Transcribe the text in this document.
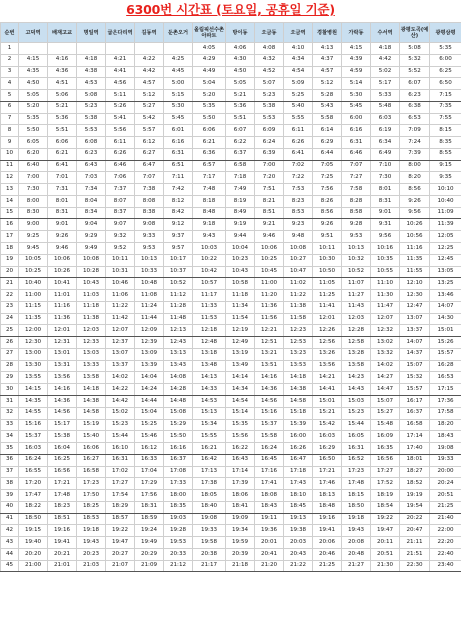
6300번 시간표 (토요일, 공휴일 기준)
순번	고덕역	배재고교	명일역	굽은다리역	길동역	둔촌오거	올림픽선수촌아파트	방이동	오금동	오금역	경찰병원	가락동	수서역	광평도곡(예산)	광평삼평
1							4:05	4:06	4:08	4:10	4:13	4:15	4:18	5:08	5:35
2	4:15	4:16	4:18	4:21	4:22	4:25	4:29	4:30	4:32	4:34	4:37	4:39	4:42	5:32	6:00
3	4:35	4:36	4:38	4:41	4:42	4:45	4:49	4:50	4:52	4:54	4:57	4:59	5:02	5:52	6:25
4	4:50	4:51	4:53	4:56	4:57	5:00	5:04	5:05	5:07	5:09	5:12	5:14	5:17	6:07	6:50
5	5:05	5:06	5:08	5:11	5:12	5:15	5:20	5:21	5:23	5:25	5:28	5:30	5:33	6:23	7:15
6	5:20	5:21	5:23	5:26	5:27	5:30	5:35	5:36	5:38	5:40	5:43	5:45	5:48	6:38	7:35
7	5:35	5:36	5:38	5:41	5:42	5:45	5:50	5:51	5:53	5:55	5:58	6:00	6:03	6:53	7:55
8	5:50	5:51	5:53	5:56	5:57	6:01	6:06	6:07	6:09	6:11	6:14	6:16	6:19	7:09	8:15
9	6:05	6:06	6:08	6:11	6:12	6:16	6:21	6:22	6:24	6:26	6:29	6:31	6:34	7:24	8:35
10	6:20	6:21	6:23	6:26	6:27	6:31	6:36	6:37	6:39	6:41	6:44	6:46	6:49	7:39	8:55
11	6:40	6:41	6:43	6:46	6:47	6:51	6:57	6:58	7:00	7:02	7:05	7:07	7:10	8:00	9:15
12	7:00	7:01	7:03	7:06	7:07	7:11	7:17	7:18	7:20	7:22	7:25	7:27	7:30	8:20	9:35
13	7:30	7:31	7:34	7:37	7:38	7:42	7:48	7:49	7:51	7:53	7:56	7:58	8:01	8:56	10:10
14	8:00	8:01	8:04	8:07	8:08	8:12	8:18	8:19	8:21	8:23	8:26	8:28	8:31	9:26	10:40
15	8:30	8:31	8:34	8:37	8:38	8:42	8:48	8:49	8:51	8:53	8:56	8:58	9:01	9:56	11:09
16	9:00	9:01	9:04	9:07	9:08	9:12	9:18	9:19	9:21	9:23	9:26	9:28	9:31	10:26	11:39
17	9:25	9:26	9:29	9:32	9:33	9:37	9:43	9:44	9:46	9:48	9:51	9:53	9:56	10:56	12:05
18	9:45	9:46	9:49	9:52	9:53	9:57	10:03	10:04	10:06	10:08	10:11	10:13	10:16	11:16	12:25
19	10:05	10:06	10:08	10:11	10:13	10:17	10:22	10:23	10:25	10:27	10:30	10:32	10:35	11:35	12:45
20	10:25	10:26	10:28	10:31	10:33	10:37	10:42	10:43	10:45	10:47	10:50	10:52	10:55	11:55	13:05
21	10:40	10:41	10:43	10:46	10:48	10:52	10:57	10:58	11:00	11:02	11:05	11:07	11:10	12:10	13:25
22	11:00	11:01	11:03	11:06	11:08	11:12	11:17	11:18	11:20	11:22	11:25	11:27	11:30	12:30	13:46
23	11:15	11:16	11:18	11:22	11:24	11:28	11:33	11:34	11:36	11:38	11:41	11:43	11:47	12:47	14:07
24	11:35	11:36	11:38	11:42	11:44	11:48	11:53	11:54	11:56	11:58	12:01	12:03	12:07	13:07	14:30
25	12:00	12:01	12:03	12:07	12:09	12:13	12:18	12:19	12:21	12:23	12:26	12:28	12:32	13:37	15:01
26	12:30	12:31	12:33	12:37	12:39	12:43	12:48	12:49	12:51	12:53	12:56	12:58	13:02	14:07	15:26
27	13:00	13:01	13:03	13:07	13:09	13:13	13:18	13:19	13:21	13:23	13:26	13:28	13:32	14:37	15:57
28	13:30	13:31	13:33	13:37	13:39	13:43	13:48	13:49	13:51	13:53	13:56	13:58	14:02	15:07	16:28
29	13:55	13:56	13:58	14:02	14:04	14:08	14:13	14:14	14:16	14:18	14:21	14:23	14:27	15:32	16:53
30	14:15	14:16	14:18	14:22	14:24	14:28	14:33	14:34	14:36	14:38	14:41	14:43	14:47	15:57	17:15
31	14:35	14:36	14:38	14:42	14:44	14:48	14:53	14:54	14:56	14:58	15:01	15:03	15:07	16:17	17:36
32	14:55	14:56	14:58	15:02	15:04	15:08	15:13	15:14	15:16	15:18	15:21	15:23	15:27	16:37	17:58
33	15:16	15:17	15:19	15:23	15:25	15:29	15:34	15:35	15:37	15:39	15:42	15:44	15:48	16:58	18:20
34	15:37	15:38	15:40	15:44	15:46	15:50	15:55	15:56	15:58	16:00	16:03	16:05	16:09	17:14	18:43
35	16:03	16:04	16:06	16:10	16:12	16:16	16:21	16:22	16:24	16:26	16:29	16:31	16:35	17:40	19:08
36	16:24	16:25	16:27	16:31	16:33	16:37	16:42	16:43	16:45	16:47	16:50	16:52	16:56	18:01	19:33
37	16:55	16:56	16:58	17:02	17:04	17:08	17:13	17:14	17:16	17:18	17:21	17:23	17:27	18:27	20:00
38	17:20	17:21	17:23	17:27	17:29	17:33	17:38	17:39	17:41	17:43	17:46	17:48	17:52	18:52	20:24
39	17:47	17:48	17:50	17:54	17:56	18:00	18:05	18:06	18:08	18:10	18:13	18:15	18:19	19:19	20:51
40	18:22	18:23	18:25	18:29	18:31	18:35	18:40	18:41	18:43	18:45	18:48	18:50	18:54	19:54	21:25
41	18:50	18:51	18:53	18:57	18:59	19:03	19:08	19:09	19:11	19:13	19:16	19:18	19:22	20:22	21:40
42	19:15	19:16	19:18	19:22	19:24	19:28	19:33	19:34	19:36	19:38	19:41	19:43	19:47	20:47	22:00
43	19:40	19:41	19:43	19:47	19:49	19:53	19:58	19:59	20:01	20:03	20:06	20:08	20:11	21:11	22:20
44	20:20	20:21	20:23	20:27	20:29	20:33	20:38	20:39	20:41	20:43	20:46	20:48	20:51	21:51	22:40
45	21:00	21:01	21:03	21:07	21:09	21:12	21:17	21:18	21:20	21:22	21:25	21:27	21:30	22:30	23:40
